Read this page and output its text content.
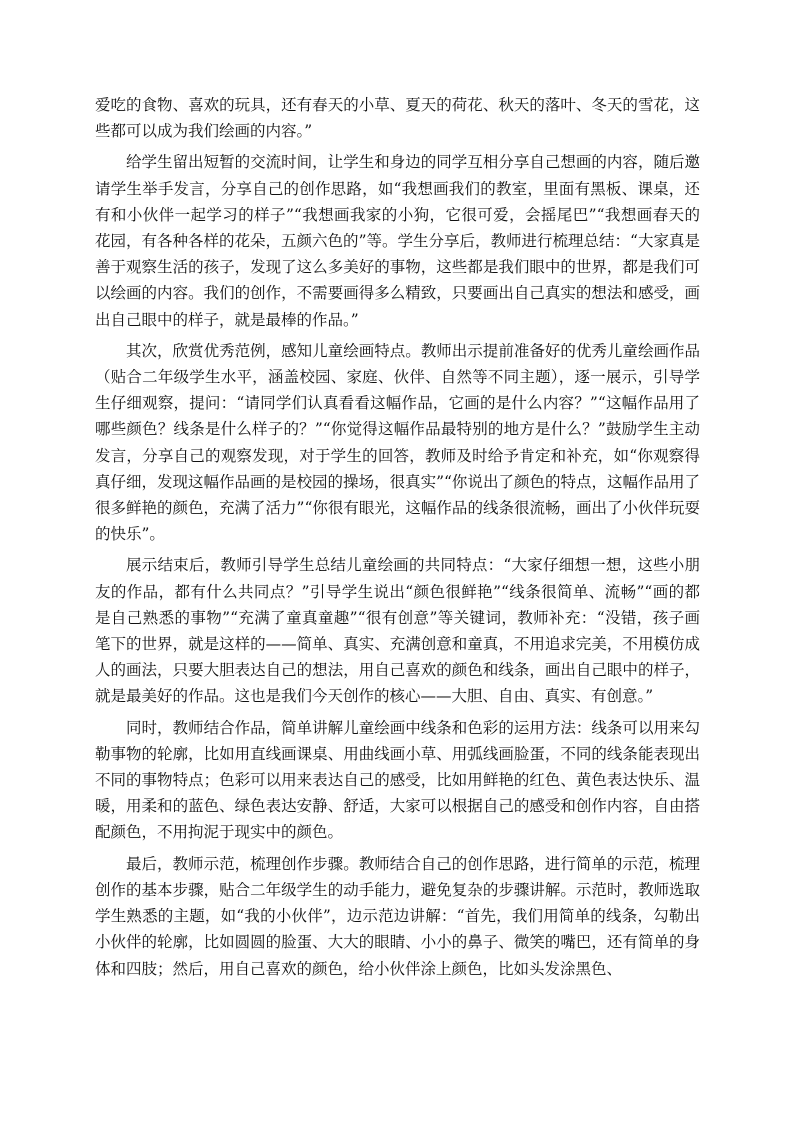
爱吃的食物、喜欢的玩具，还有春天的小草、夏天的荷花、秋天的落叶、冬天的雪花，这些都可以成为我们绘画的内容。”

给学生留出短暂的交流时间，让学生和身边的同学互相分享自己想画的内容，随后邀请学生举手发言，分享自己的创作思路，如“我想画我们的教室，里面有黑板、课桌，还有和小伙伴一起学习的样子”“我想画我家的小狗，它很可爱，会摇尾巴”“我想画春天的花园，有各种各样的花朵，五颜六色的”等。学生分享后，教师进行梳理总结：“大家真是善于观察生活的孩子，发现了这么多美好的事物，这些都是我们眼中的世界，都是我们可以绘画的内容。我们的创作，不需要画得多么精致，只要画出自己真实的想法和感受，画出自己眼中的样子，就是最棒的作品。”

其次，欣赏优秀范例，感知儿童绘画特点。教师出示提前准备好的优秀儿童绘画作品（贴合二年级学生水平，涵盖校园、家庭、伙伴、自然等不同主题），逐一展示，引导学生仔细观察，提问：“请同学们认真看看这幅作品，它画的是什么内容？”“这幅作品用了哪些颜色？线条是什么样子的？”“你觉得这幅作品最特别的地方是什么？”鼓励学生主动发言，分享自己的观察发现，对于学生的回答，教师及时给予肯定和补充，如“你观察得真仔细，发现这幅作品画的是校园的操场，很真实”“你说出了颜色的特点，这幅作品用了很多鲜艳的颜色，充满了活力”“你很有眼光，这幅作品的线条很流畅，画出了小伙伴玩耍的快乐”。

展示结束后，教师引导学生总结儿童绘画的共同特点：“大家仔细想一想，这些小朋友的作品，都有什么共同点？”引导学生说出“颜色很鲜艳”“线条很简单、流畅”“画的都是自己熟悉的事物”“充满了童真童趣”“很有创意”等关键词，教师补充：“没错，孩子画笔下的世界，就是这样的——简单、真实、充满创意和童真，不用追求完美，不用模仿成人的画法，只要大胆表达自己的想法，用自己喜欢的颜色和线条，画出自己眼中的样子，就是最美好的作品。这也是我们今天创作的核心——大胆、自由、真实、有创意。”

同时，教师结合作品，简单讲解儿童绘画中线条和色彩的运用方法：线条可以用来勾勒事物的轮廓，比如用直线画课桌、用曲线画小草、用弧线画脸蛋，不同的线条能表现出不同的事物特点；色彩可以用来表达自己的感受，比如用鲜艳的红色、黄色表达快乐、温暖，用柔和的蓝色、绿色表达安静、舒适，大家可以根据自己的感受和创作内容，自由搭配颜色，不用拘泥于现实中的颜色。

最后，教师示范，梳理创作步骤。教师结合自己的创作思路，进行简单的示范，梳理创作的基本步骤，贴合二年级学生的动手能力，避免复杂的步骤讲解。示范时，教师选取学生熟悉的主题，如“我的小伙伴”，边示范边讲解：“首先，我们用简单的线条，勾勒出小伙伴的轮廓，比如圆圆的脸蛋、大大的眼睛、小小的鼻子、微笑的嘴巴，还有简单的身体和四肢；然后，用自己喜欢的颜色，给小伙伴涂上颜色，比如头发涂黑色、
